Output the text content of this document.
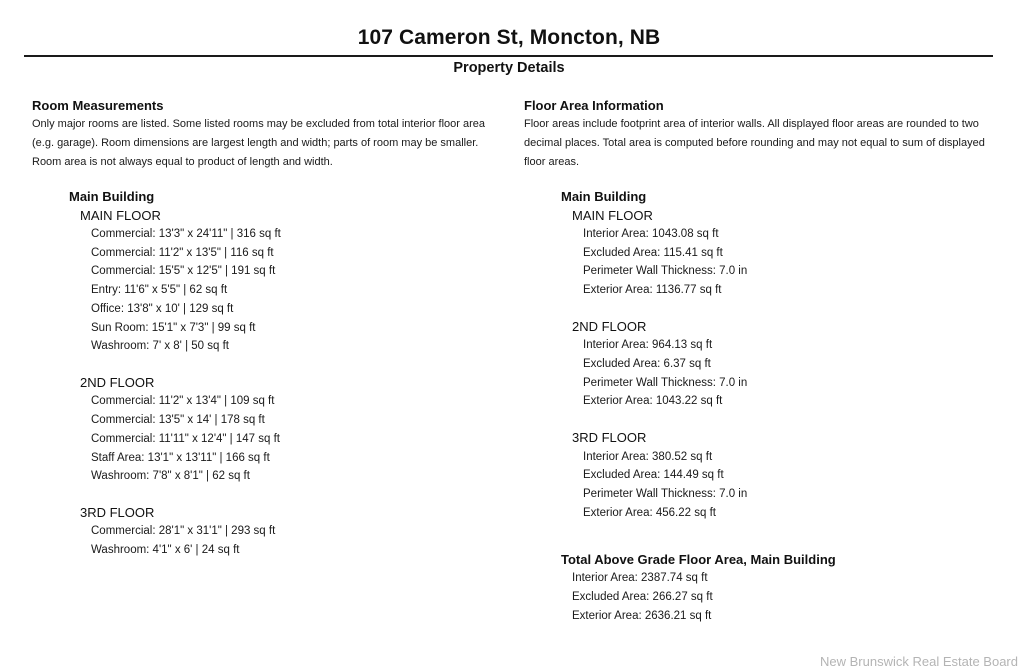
107 Cameron St, Moncton, NB
Property Details
Room Measurements

Only major rooms are listed. Some listed rooms may be excluded from total interior floor area (e.g. garage). Room dimensions are largest length and width; parts of room may be smaller. Room area is not always equal to product of length and width.

Main Building
MAIN FLOOR
Commercial: 13'3" x 24'11" | 316 sq ft
Commercial: 11'2" x 13'5" | 116 sq ft
Commercial: 15'5" x 12'5" | 191 sq ft
Entry: 11'6" x 5'5" | 62 sq ft
Office: 13'8" x 10' | 129 sq ft
Sun Room: 15'1" x 7'3" | 99 sq ft
Washroom: 7' x 8' | 50 sq ft
2ND FLOOR
Commercial: 11'2" x 13'4" | 109 sq ft
Commercial: 13'5" x 14' | 178 sq ft
Commercial: 11'11" x 12'4" | 147 sq ft
Staff Area: 13'1" x 13'11" | 166 sq ft
Washroom: 7'8" x 8'1" | 62 sq ft
3RD FLOOR
Commercial: 28'1" x 31'1" | 293 sq ft
Washroom: 4'1" x 6' | 24 sq ft
Floor Area Information

Floor areas include footprint area of interior walls. All displayed floor areas are rounded to two decimal places. Total area is computed before rounding and may not equal to sum of displayed floor areas.

Main Building
MAIN FLOOR
Interior Area: 1043.08 sq ft
Excluded Area: 115.41 sq ft
Perimeter Wall Thickness: 7.0 in
Exterior Area: 1136.77 sq ft
2ND FLOOR
Interior Area: 964.13 sq ft
Excluded Area: 6.37 sq ft
Perimeter Wall Thickness: 7.0 in
Exterior Area: 1043.22 sq ft
3RD FLOOR
Interior Area: 380.52 sq ft
Excluded Area: 144.49 sq ft
Perimeter Wall Thickness: 7.0 in
Exterior Area: 456.22 sq ft
Total Above Grade Floor Area, Main Building
Interior Area: 2387.74 sq ft
Excluded Area: 266.27 sq ft
Exterior Area: 2636.21 sq ft
New Brunswick Real Estate Board
